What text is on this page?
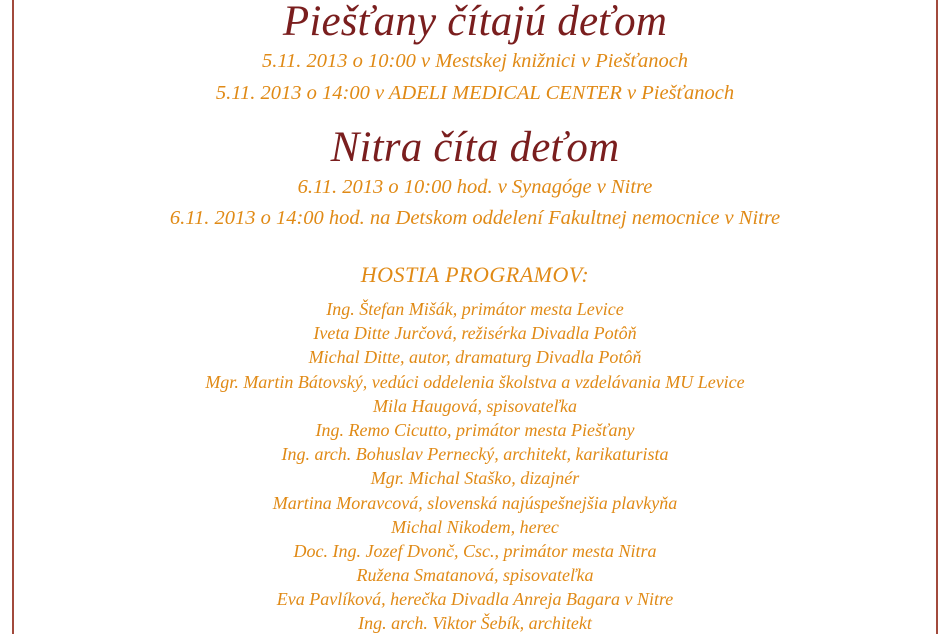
Piešťany čítajú deťom

5.11. 2013 o 10:00 v Mestskej knižnici v Piešťanoch

5.11. 2013 o 14:00 v ADELI MEDICAL CENTER v Piešťanoch

Nitra číta deťom

6.11. 2013 o 10:00 hod. v Synagóge v Nitre

6.11. 2013 o 14:00 hod. na Detskom oddelení Fakultnej nemocnice v Nitre

HOSTIA PROGRAMOV:
Ing. Štefan Mišák, primátor mesta Levice
Iveta Ditte Jurčová, režisérka Divadla Potôň
Michal Ditte, autor, dramaturg Divadla Potôň
Mgr. Martin Bátovský, vedúci oddelenia školstva a vzdelávania MU Levice
Mila Haugová, spisovateľka
Ing. Remo Cicutto, primátor mesta Piešťany
Ing. arch. Bohuslav Pernecký, architekt, karikaturista
Mgr. Michal Staško, dizajnér
Martina Moravcová, slovenská najúspešnejšia plavkyňa
Michal Nikodem, herec
Doc. Ing. Jozef Dvonč, Csc., primátor mesta Nitra
Ružena Smatanová, spisovateľka
Eva Pavlíková, herečka Divadla Anreja Bagara v Nitre
Ing. arch. Viktor Šebík, architekt
